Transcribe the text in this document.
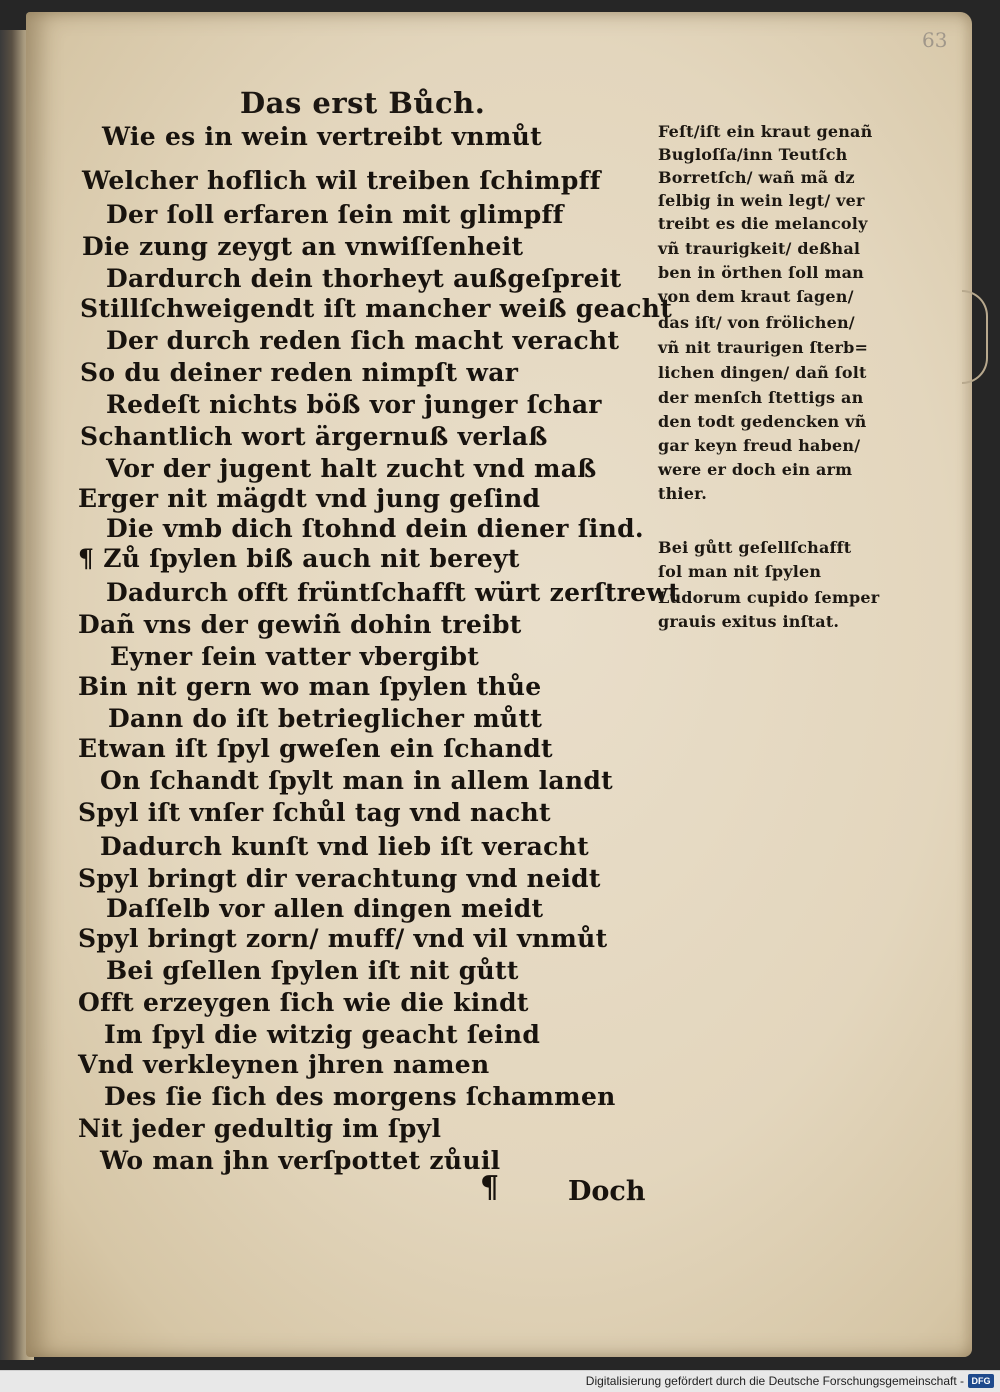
63
Das erst Bůch.
Wie es in wein vertreibt vnmůt
Welcher hoflich wil treiben ſchimpff
Der ſoll erfaren ſein mit glimpff
Die zung zeygt an vnwiſſenheit
Dardurch dein thorheyt außgeſpreit
Stillſchweigendt iſt mancher weiß geacht
Der durch reden ſich macht veracht
So du deiner reden nimpſt war
Redeſt nichts böß vor junger ſchar
Schantlich wort ärgernuß verlaß
Vor der jugent halt zucht vnd maß
Erger nit mägdt vnd jung geſind
Die vmb dich ſtohnd dein diener ſind.
¶ Zů ſpylen biß auch nit bereyt
Dadurch offt früntſchafft würt zerſtrewt
Dañ vns der gewiñ dohin treibt
Eyner ſein vatter vbergibt
Bin nit gern wo man ſpylen thůe
Dann do iſt betrieglicher můtt
Etwan iſt ſpyl gweſen ein ſchandt
On ſchandt ſpylt man in allem landt
Spyl iſt vnſer ſchůl tag vnd nacht
Dadurch kunſt vnd lieb iſt veracht
Spyl bringt dir verachtung vnd neidt
Daſſelb vor allen dingen meidt
Spyl bringt zorn/ muff/ vnd vil vnmůt
Bei gſellen ſpylen iſt nit gůtt
Offt erzeygen ſich wie die kindt
Im ſpyl die witzig geacht ſeind
Vnd verkleynen jhren namen
Des ſie ſich des morgens ſchammen
Nit jeder gedultig im ſpyl
Wo man jhn verſpottet zůuil
Feſt/iſt ein kraut genañ
Bugloſſa/inn Teutſch
Borretſch/ wañ mã dz
ſelbig in wein legt/ ver
treibt es die melancoly
vñ traurigkeit/ deßhal
ben in örthen ſoll man
von dem kraut ſagen/
das iſt/ von frölichen/
vñ nit traurigen ſterb=
lichen dingen/ dañ ſolt
der menſch ſtettigs an
den todt gedencken vñ
gar keyn freud haben/
were er doch ein arm
thier.
Bei gůtt geſellſchafft
ſol man nit ſpylen
Ludorum cupido ſemper
grauis exitus inſtat.
¶	Doch
Digitalisierung gefördert durch die Deutsche Forschungsgemeinschaft - DFG
